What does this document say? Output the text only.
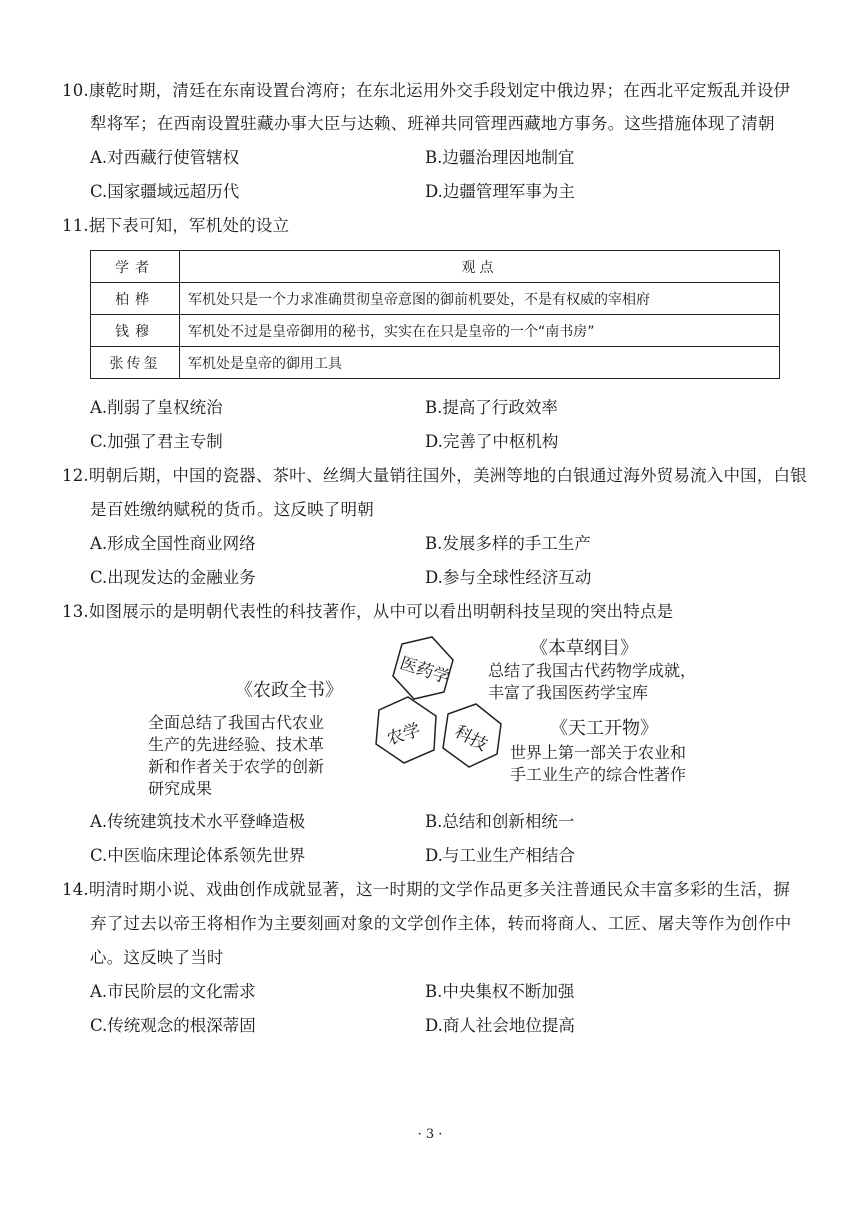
10.康乾时期，清廷在东南设置台湾府；在东北运用外交手段划定中俄边界；在西北平定叛乱并设伊
犁将军；在西南设置驻藏办事大臣与达赖、班禅共同管理西藏地方事务。这些措施体现了清朝
A.对西藏行使管辖权	B.边疆治理因地制宜
C.国家疆域远超历代	D.边疆管理军事为主
11.据下表可知，军机处的设立
学者	观点
柏桦	军机处只是一个力求准确贯彻皇帝意图的御前机要处，不是有权威的宰相府
钱穆	军机处不过是皇帝御用的秘书，实实在在只是皇帝的一个“南书房”
张传玺	军机处是皇帝的御用工具
A.削弱了皇权统治	B.提高了行政效率
C.加强了君主专制	D.完善了中枢机构
12.明朝后期，中国的瓷器、茶叶、丝绸大量销往国外，美洲等地的白银通过海外贸易流入中国，白银
是百姓缴纳赋税的货币。这反映了明朝
A.形成全国性商业网络	B.发展多样的手工生产
C.出现发达的金融业务	D.参与全球性经济互动
13.如图展示的是明朝代表性的科技著作，从中可以看出明朝科技呈现的突出特点是
医药学
农学 科技
《农政全书》
全面总结了我国古代农业
生产的先进经验、技术革
新和作者关于农学的创新
研究成果
《本草纲目》
总结了我国古代药物学成就，
丰富了我国医药学宝库
《天工开物》
世界上第一部关于农业和
手工业生产的综合性著作
A.传统建筑技术水平登峰造极	B.总结和创新相统一
C.中医临床理论体系领先世界	D.与工业生产相结合
14.明清时期小说、戏曲创作成就显著，这一时期的文学作品更多关注普通民众丰富多彩的生活，摒
弃了过去以帝王将相作为主要刻画对象的文学创作主体，转而将商人、工匠、屠夫等作为创作中
心。这反映了当时
A.市民阶层的文化需求	B.中央集权不断加强
C.传统观念的根深蒂固	D.商人社会地位提高
· 3 ·
